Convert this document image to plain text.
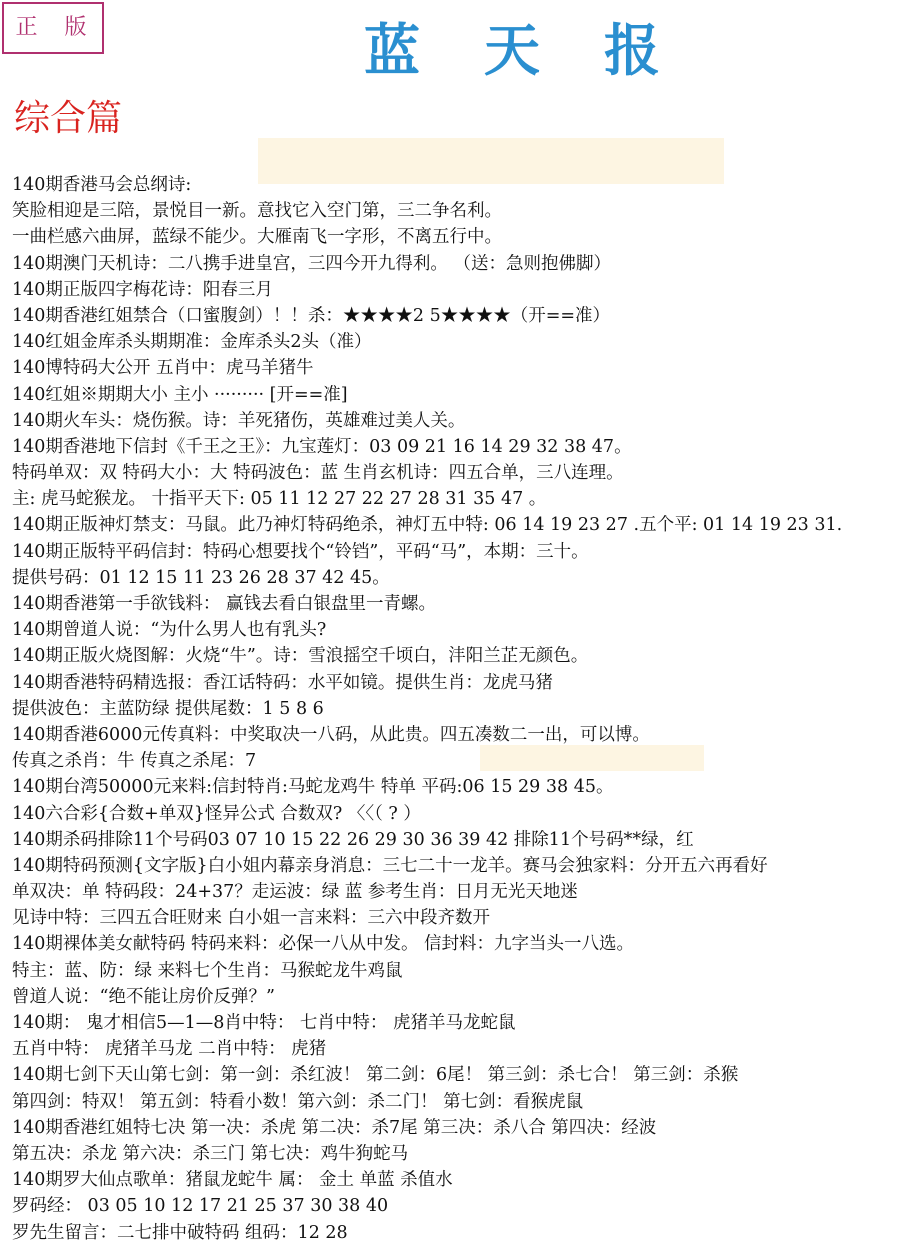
正 版	蓝天报
综合篇
140期香港马会总纲诗:
笑脸相迎是三陪，景悦目一新。意找它入空门第，三二争名利。
一曲栏感六曲屏，蓝绿不能少。大雁南飞一字形，不离五行中。
140期澳门天机诗：二八携手进皇宫，三四今开九得利。 （送：急则抱佛脚）
140期正版四字梅花诗：阳春三月
140期香港红姐禁合（口蜜腹剑）！！杀：★★★★2 5★★★★（开==准）
140红姐金库杀头期期准：金库杀头2头（准）
140博特码大公开 五肖中：虎马羊猪牛
140红姐※期期大小 主小 ········· [开==准]
140期火车头：烧伤猴。诗：羊死猪伤，英雄难过美人关。
140期香港地下信封《千王之王》：九宝莲灯：03 09 21 16 14 29 32 38 47。
特码单双：双 特码大小：大 特码波色：蓝 生肖玄机诗：四五合单，三八连理。
主: 虎马蛇猴龙。 十指平天下: 05 11 12 27 22 27 28 31 35 47 。
140期正版神灯禁支：马鼠。此乃神灯特码绝杀，神灯五中特: 06 14 19 23 27 .五个平: 01 14 19 23 31.
140期正版特平码信封：特码心想要找个“铃铛”，平码“马”，本期：三十。
提供号码：01 12 15 11 23 26 28 37 42 45。
140期香港第一手欲钱料： 赢钱去看白银盘里一青螺。
140期曾道人说：“为什么男人也有乳头?
140期正版火烧图解：火烧“牛”。诗：雪浪摇空千顷白，沣阳兰芷无颜色。
140期香港特码精选报：香江话特码：水平如镜。提供生肖：龙虎马猪
提供波色：主蓝防绿 提供尾数：1 5 8 6
140期香港6000元传真料：中奖取决一八码，从此贵。四五凑数二一出，可以博。
传真之杀肖：牛 传真之杀尾：7
140期台湾50000元来料:信封特肖:马蛇龙鸡牛 特单 平码:06 15 29 38 45。
140六合彩{合数+单双}怪异公式 合数双? 〈〈（ ? ）
140期杀码排除11个号码03 07 10 15 22 26 29 30 36 39 42 排除11个号码**绿，红
140期特码预测{文字版}白小姐内幕亲身消息：三七二十一龙羊。赛马会独家料：分开五六再看好
单双决：单 特码段：24+37？走运波：绿 蓝 参考生肖：日月无光天地迷
见诗中特：三四五合旺财来 白小姐一言来料：三六中段齐数开
140期裸体美女献特码 特码来料：必保一八从中发。 信封料：九字当头一八选。
特主：蓝、防：绿 来料七个生肖：马猴蛇龙牛鸡鼠
曾道人说：“绝不能让房价反弹？”
140期： 鬼才相信5—1—8肖中特： 七肖中特： 虎猪羊马龙蛇鼠
五肖中特： 虎猪羊马龙 二肖中特： 虎猪
140期七剑下天山第七剑：第一剑：杀红波！ 第二剑：6尾！ 第三剑：杀七合！ 第三剑：杀猴
第四剑：特双！ 第五剑：特看小数！第六剑：杀二门！ 第七剑：看猴虎鼠
140期香港红姐特七决 第一决：杀虎 第二决：杀7尾 第三决：杀八合 第四决：经波
第五决：杀龙 第六决：杀三门 第七决：鸡牛狗蛇马
140期罗大仙点歌单：猪鼠龙蛇牛 属： 金土 单蓝 杀值水
罗码经： 03 05 10 12 17 21 25 37 30 38 40
罗先生留言：二七排中破特码 组码：12 28
